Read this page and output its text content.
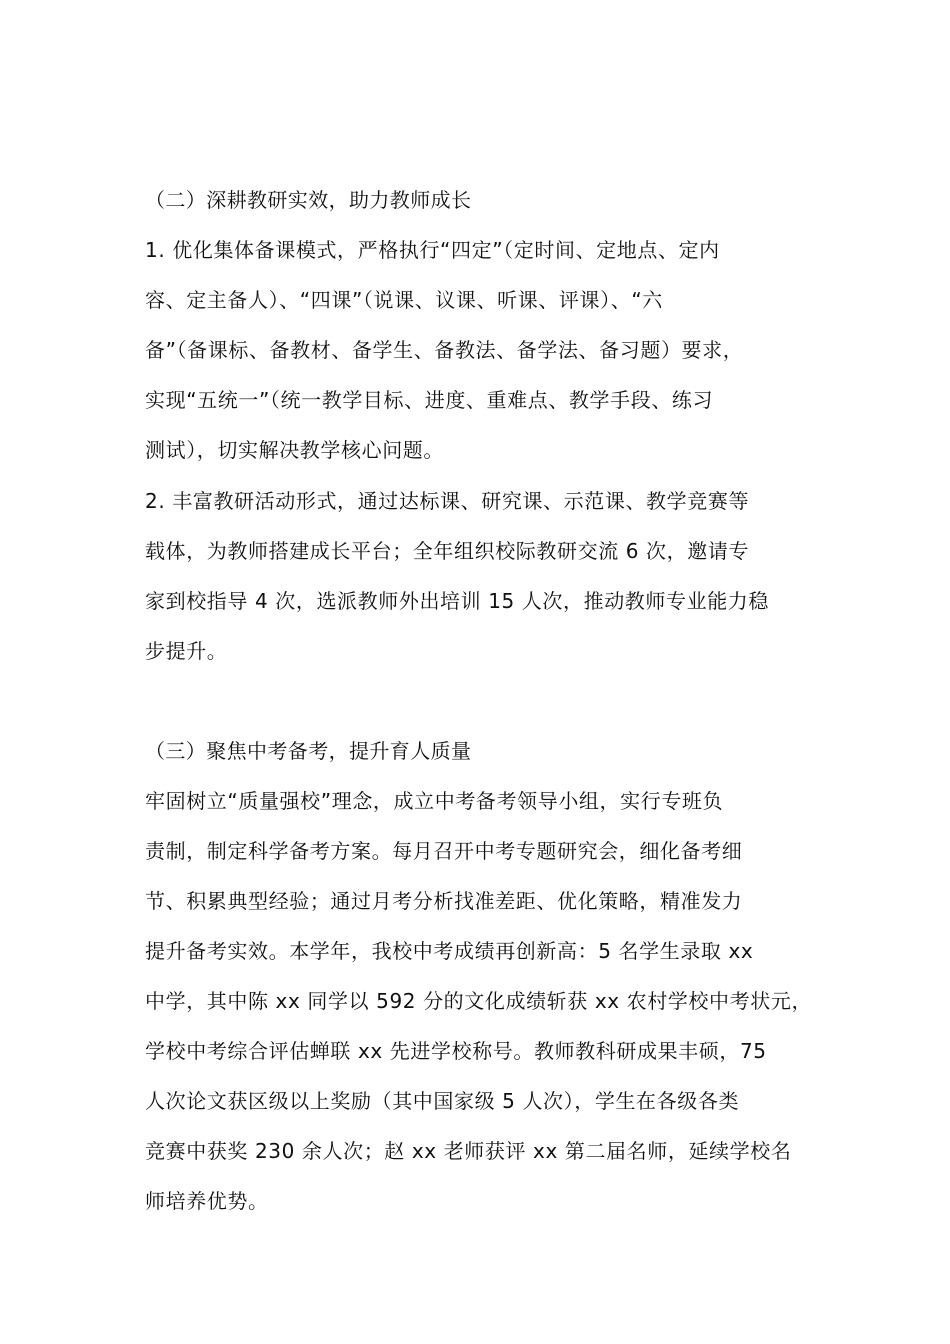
（二）深耕教研实效，助力教师成长
1. 优化集体备课模式，严格执行“四定”（定时间、定地点、定内
容、定主备人）、“四课”（说课、议课、听课、评课）、“六
备”（备课标、备教材、备学生、备教法、备学法、备习题）要求，
实现“五统一”（统一教学目标、进度、重难点、教学手段、练习
测试），切实解决教学核心问题。
2. 丰富教研活动形式，通过达标课、研究课、示范课、教学竞赛等
载体，为教师搭建成长平台；全年组织校际教研交流 6 次，邀请专
家到校指导 4 次，选派教师外出培训 15 人次，推动教师专业能力稳
步提升。
（三）聚焦中考备考，提升育人质量
牢固树立“质量强校”理念，成立中考备考领导小组，实行专班负
责制，制定科学备考方案。每月召开中考专题研究会，细化备考细
节、积累典型经验；通过月考分析找准差距、优化策略，精准发力
提升备考实效。本学年，我校中考成绩再创新高：5 名学生录取 xx
中学，其中陈 xx 同学以 592 分的文化成绩斩获 xx 农村学校中考状元，
学校中考综合评估蝉联 xx 先进学校称号。教师教科研成果丰硕，75
人次论文获区级以上奖励（其中国家级 5 人次），学生在各级各类
竞赛中获奖 230 余人次；赵 xx 老师获评 xx 第二届名师，延续学校名
师培养优势。
